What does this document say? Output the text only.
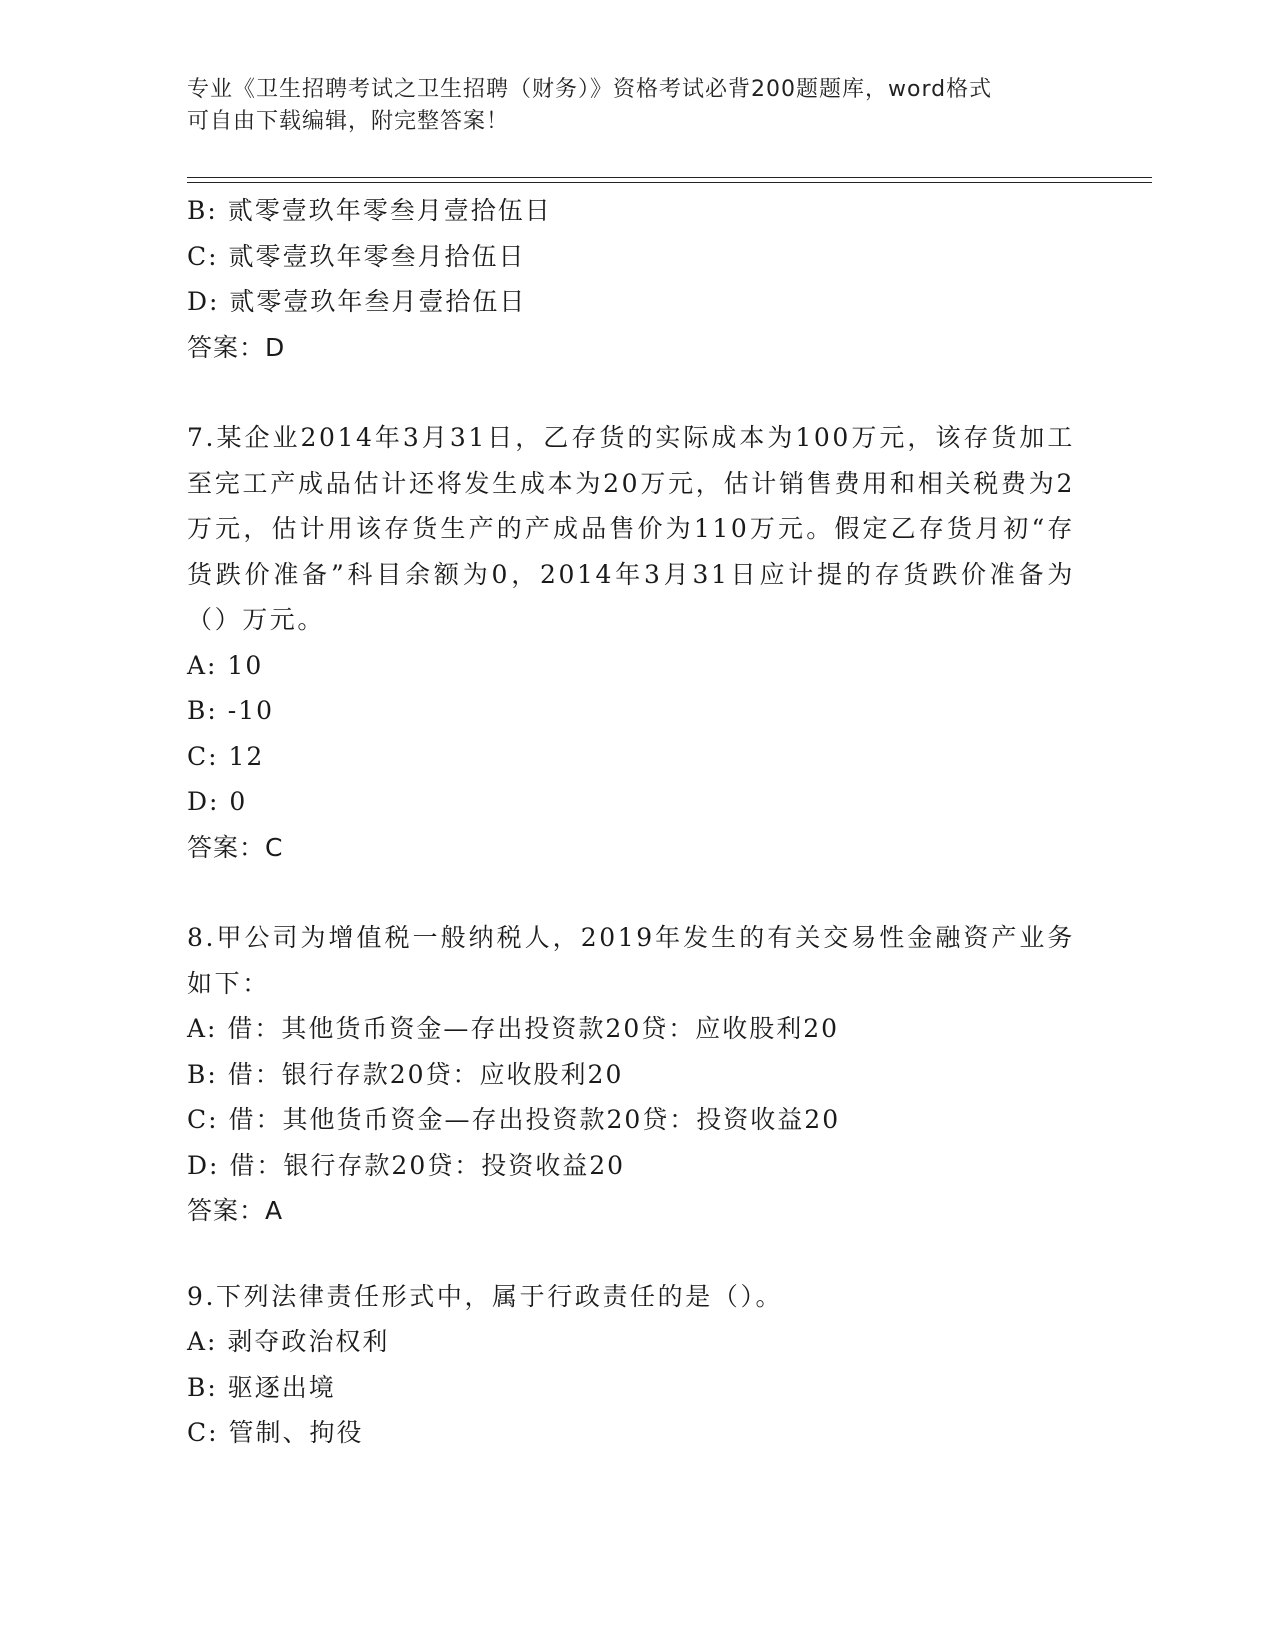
专业《卫生招聘考试之卫生招聘（财务）》资格考试必背200题题库，word格式
可自由下载编辑，附完整答案！
B: 贰零壹玖年零叁月壹拾伍日
C: 贰零壹玖年零叁月拾伍日
D: 贰零壹玖年叁月壹拾伍日
答案：D
7.某企业2014年3月31日，乙存货的实际成本为100万元，该存货加工至完工产成品估计还将发生成本为20万元，估计销售费用和相关税费为2万元，估计用该存货生产的产成品售价为110万元。假定乙存货月初“存货跌价准备”科目余额为0，2014年3月31日应计提的存货跌价准备为（）万元。
A: 10
B: -10
C: 12
D: 0
答案：C
8.甲公司为增值税一般纳税人，2019年发生的有关交易性金融资产业务如下：
A: 借：其他货币资金—存出投资款20贷：应收股利20
B: 借：银行存款20贷：应收股利20
C: 借：其他货币资金—存出投资款20贷：投资收益20
D: 借：银行存款20贷：投资收益20
答案：A
9.下列法律责任形式中，属于行政责任的是（）。
A: 剥夺政治权利
B: 驱逐出境
C: 管制、拘役
